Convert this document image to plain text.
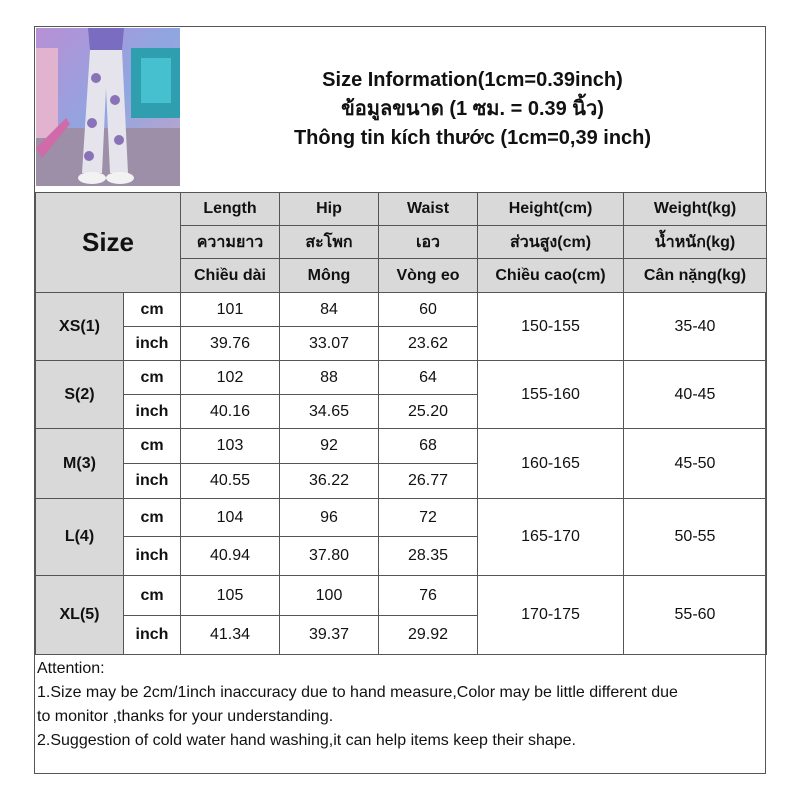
Size Information(1cm=0.39inch)
ข้อมูลขนาด (1 ซม. = 0.39 นิ้ว)
Thông tin kích thước (1cm=0,39 inch)
Size		Length	Hip	Waist	Height(cm)	Weight(kg)
		ความยาว	สะโพก	เอว	ส่วนสูง(cm)	น้ำหนัก(kg)
		Chiều dài	Mông	Vòng eo	Chiều cao(cm)	Cân nặng(kg)
XS(1)	cm	101	84	60	150-155	35-40
	inch	39.76	33.07	23.62		
S(2)	cm	102	88	64	155-160	40-45
	inch	40.16	34.65	25.20		
M(3)	cm	103	92	68	160-165	45-50
	inch	40.55	36.22	26.77		
L(4)	cm	104	96	72	165-170	50-55
	inch	40.94	37.80	28.35		
XL(5)	cm	105	100	76	170-175	55-60
	inch	41.34	39.37	29.92		
Attention:
1.Size may be 2cm/1inch inaccuracy due to hand measure,Color may be little different due
to monitor ,thanks for your understanding.
2.Suggestion of cold water hand washing,it can help items keep their shape.
